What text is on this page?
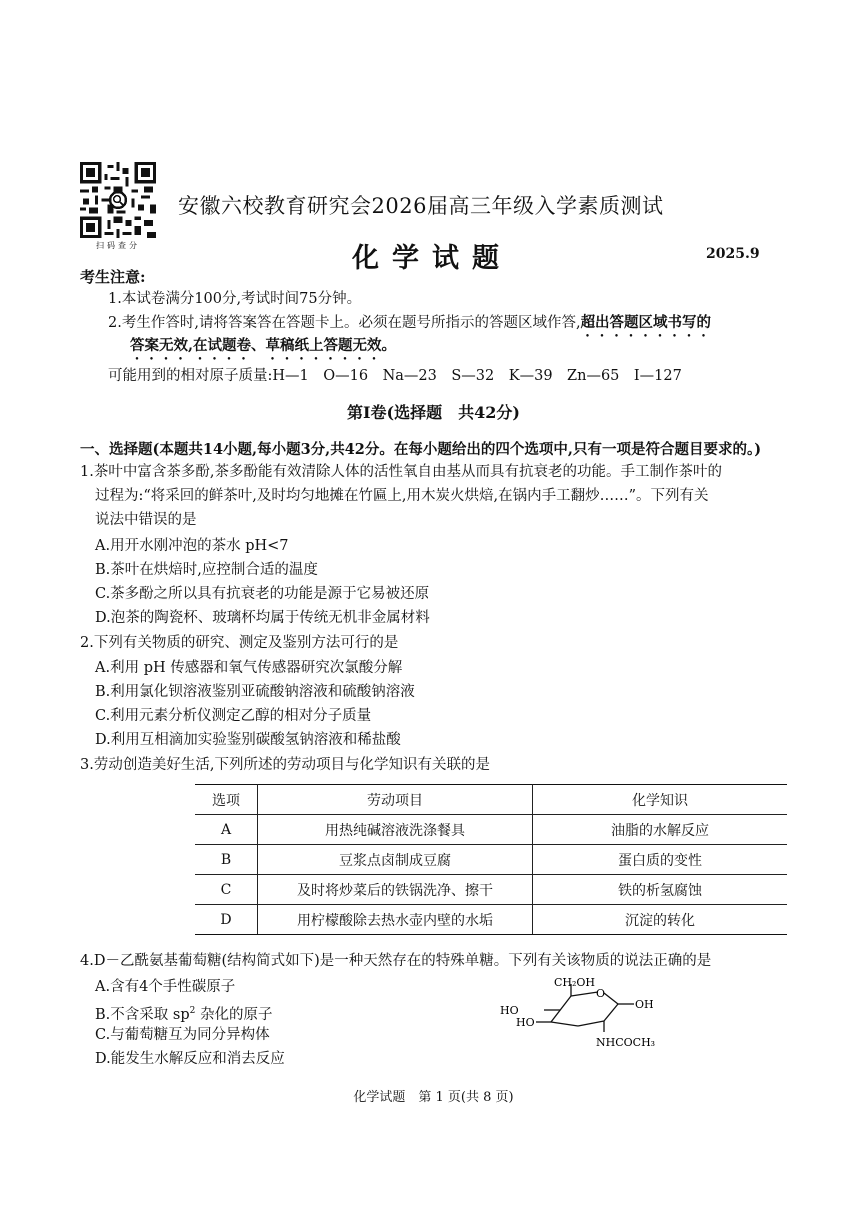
扫码查分
安徽六校教育研究会2026届高三年级入学素质测试
化学试题	2025.9
考生注意:
1.本试卷满分100分,考试时间75分钟。
2.考生作答时,请将答案答在答题卡上。必须在题号所指示的答题区域作答,超出答题区域书写的
答案无效,在试题卷、草稿纸上答题无效。
可能用到的相对原子质量:H—1　O—16　Na—23　S—32　K—39　Zn—65　I—127
第Ⅰ卷(选择题　共42分)
一、选择题(本题共14小题,每小题3分,共42分。在每小题给出的四个选项中,只有一项是符合题目要求的。)
1.茶叶中富含茶多酚,茶多酚能有效清除人体的活性氧自由基从而具有抗衰老的功能。手工制作茶叶的
过程为:“将采回的鲜茶叶,及时均匀地摊在竹匾上,用木炭火烘焙,在锅内手工翻炒……”。下列有关
说法中错误的是
A.用开水刚冲泡的茶水 pH<7
B.茶叶在烘焙时,应控制合适的温度
C.茶多酚之所以具有抗衰老的功能是源于它易被还原
D.泡茶的陶瓷杯、玻璃杯均属于传统无机非金属材料
2.下列有关物质的研究、测定及鉴别方法可行的是
A.利用 pH 传感器和氧气传感器研究次氯酸分解
B.利用氯化钡溶液鉴别亚硫酸钠溶液和硫酸钠溶液
C.利用元素分析仪测定乙醇的相对分子质量
D.利用互相滴加实验鉴别碳酸氢钠溶液和稀盐酸
3.劳动创造美好生活,下列所述的劳动项目与化学知识有关联的是
选项	劳动项目	化学知识
A	用热纯碱溶液洗涤餐具	油脂的水解反应
B	豆浆点卤制成豆腐	蛋白质的变性
C	及时将炒菜后的铁锅洗净、擦干	铁的析氢腐蚀
D	用柠檬酸除去热水壶内壁的水垢	沉淀的转化
4.D－乙酰氨基葡萄糖(结构简式如下)是一种天然存在的特殊单糖。下列有关该物质的说法正确的是
A.含有4个手性碳原子
B.不含采取 $sp^2$ 杂化的原子
C.与葡萄糖互为同分异构体
D.能发生水解反应和消去反应
CH₂OH
O
OH
HO
HO
NHCOCH₃
化学试题　第 1 页(共 8 页)
